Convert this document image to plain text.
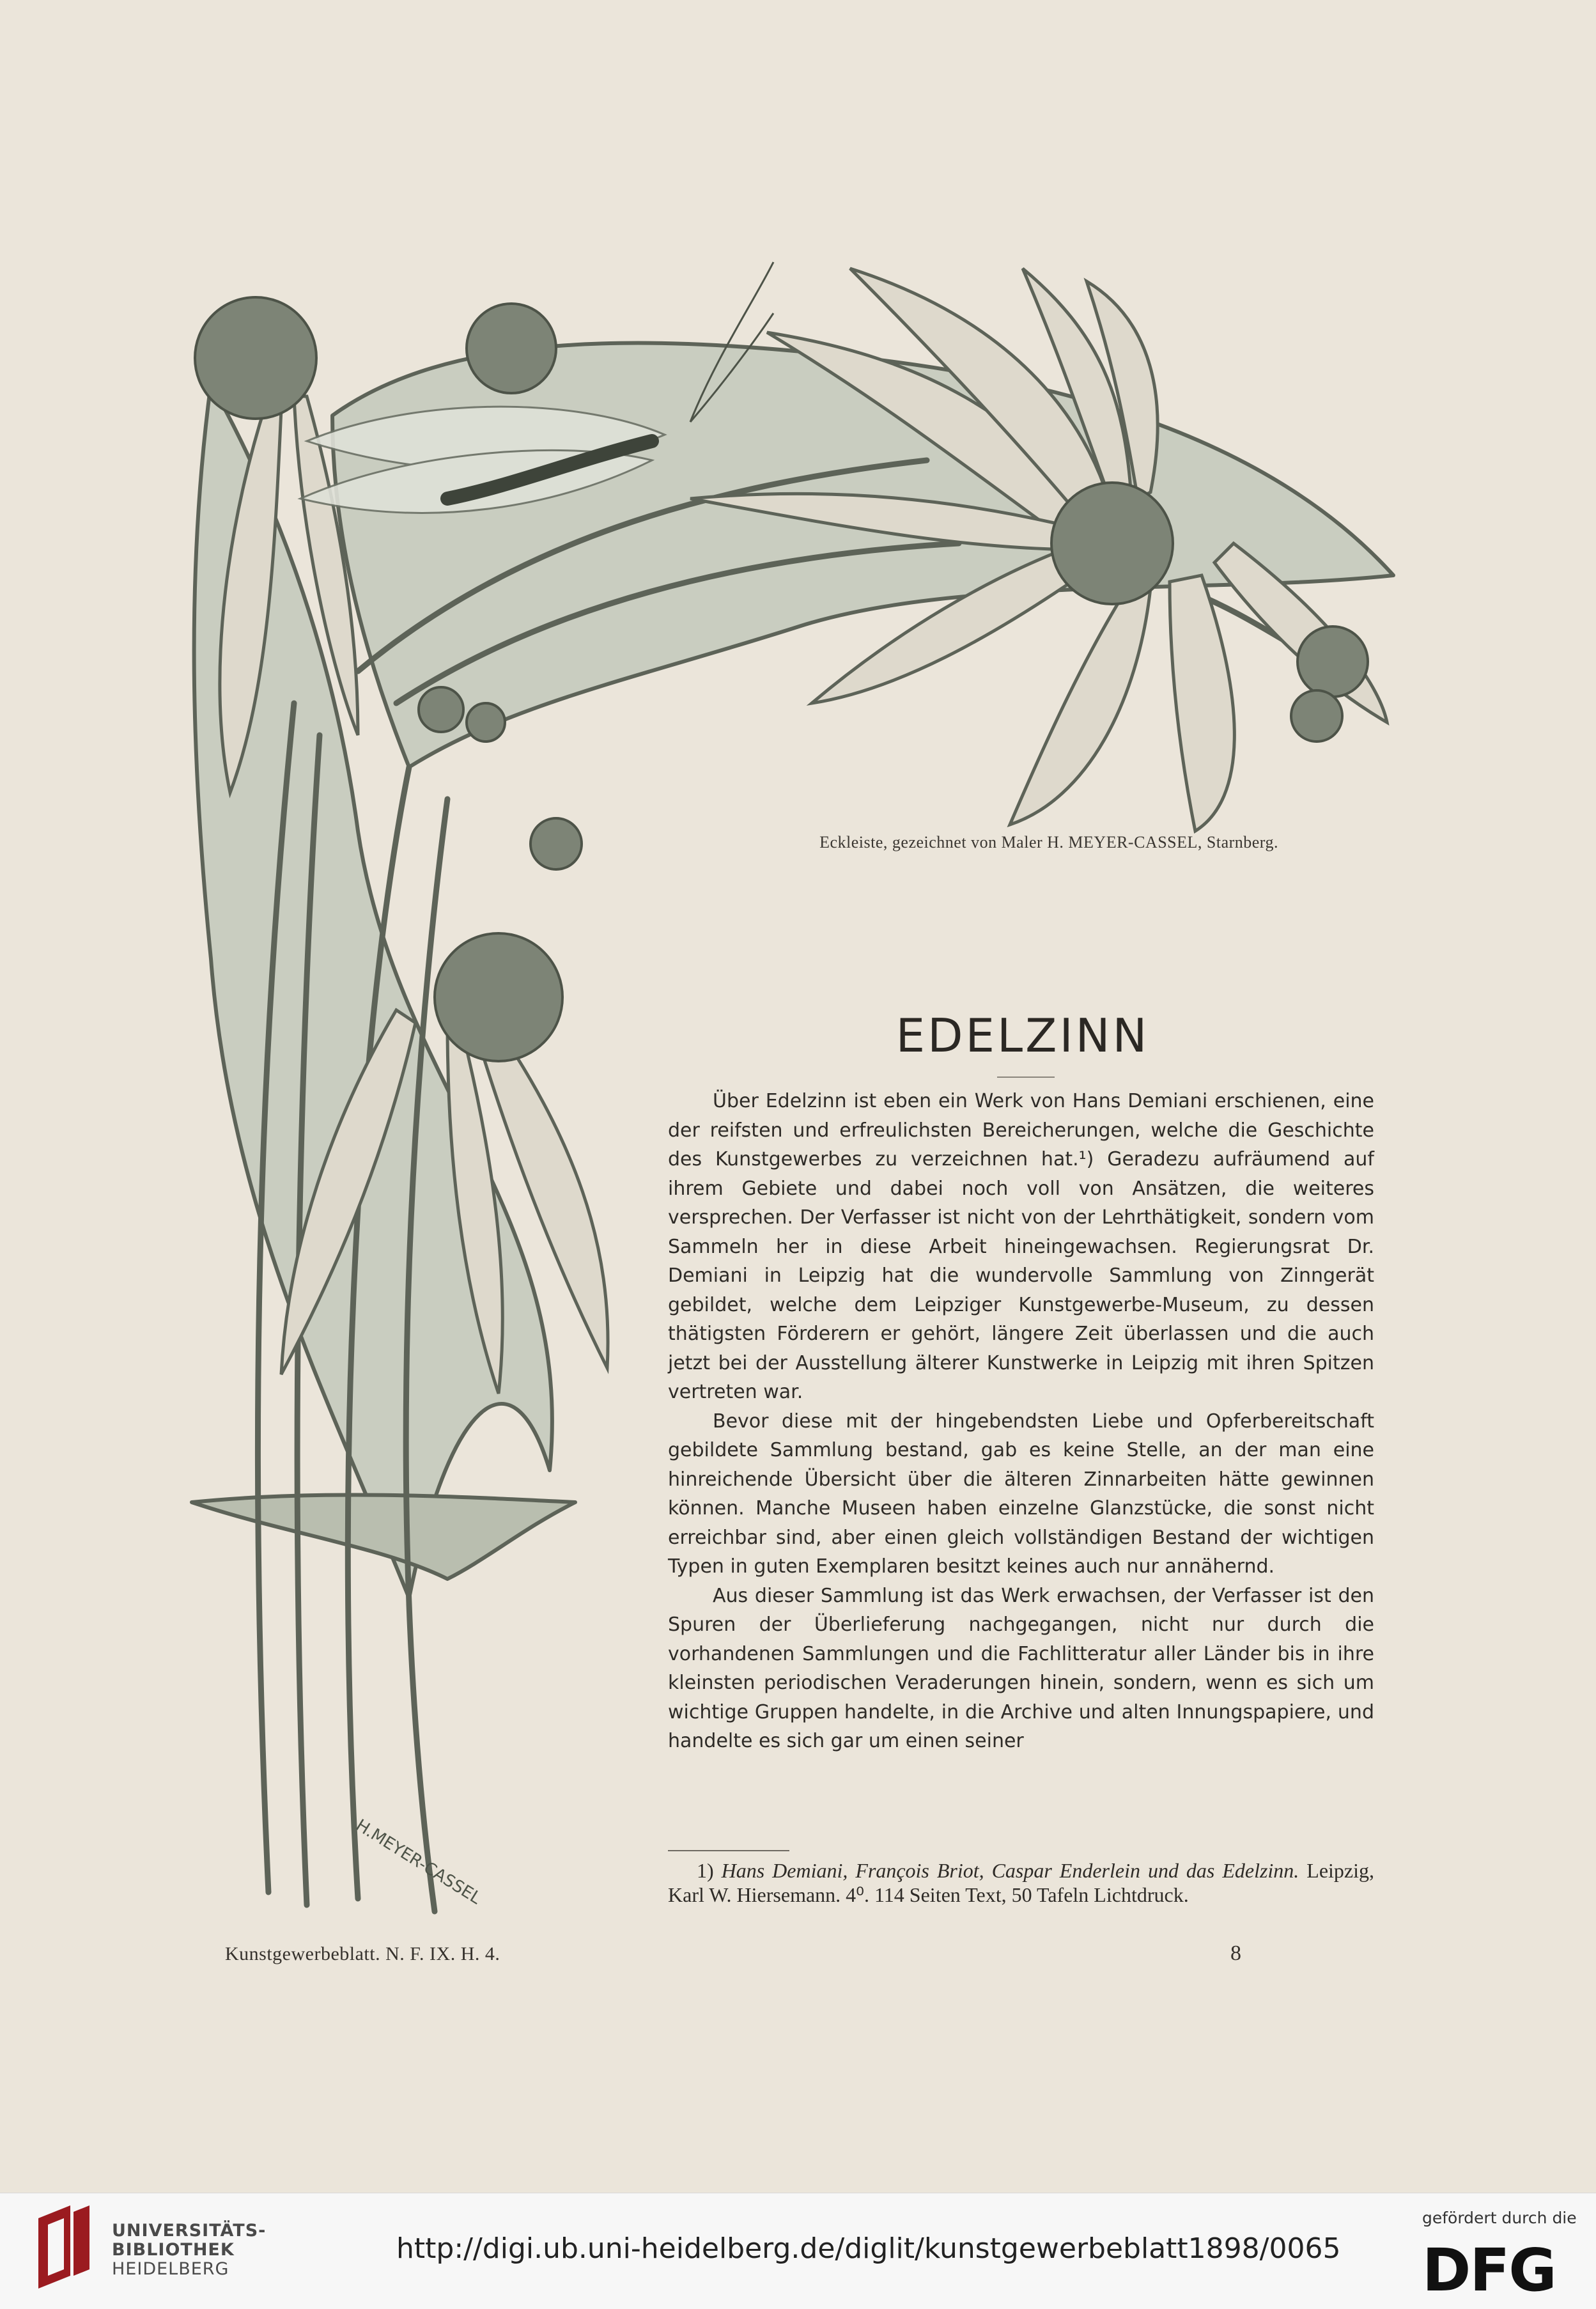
H.MEYER-CASSEL
Eckleiste, gezeichnet von Maler H. MEYER-CASSEL, Starnberg.
EDELZINN

Über Edelzinn ist eben ein Werk von Hans Demiani erschienen, eine der reifsten und erfreulichsten Bereicherungen, welche die Geschichte des Kunstgewerbes zu verzeichnen hat.¹) Geradezu aufräumend auf ihrem Gebiete und dabei noch voll von Ansätzen, die weiteres versprechen. Der Verfasser ist nicht von der Lehrthätigkeit, sondern vom Sammeln her in diese Arbeit hineingewachsen. Regierungsrat Dr. Demiani in Leipzig hat die wundervolle Sammlung von Zinngerät gebildet, welche dem Leipziger Kunstgewerbe-Museum, zu dessen thätigsten Förderern er gehört, längere Zeit überlassen und die auch jetzt bei der Ausstellung älterer Kunstwerke in Leipzig mit ihren Spitzen vertreten war.

Bevor diese mit der hingebendsten Liebe und Opferbereitschaft gebildete Sammlung bestand, gab es keine Stelle, an der man eine hinreichende Übersicht über die älteren Zinnarbeiten hätte gewinnen können. Manche Museen haben einzelne Glanzstücke, die sonst nicht erreichbar sind, aber einen gleich vollständigen Bestand der wichtigen Typen in guten Exemplaren besitzt keines auch nur annähernd.

Aus dieser Sammlung ist das Werk erwachsen, der Verfasser ist den Spuren der Überlieferung nachgegangen, nicht nur durch die vorhandenen Sammlungen und die Fachlitteratur aller Länder bis in ihre kleinsten periodischen Veraderungen hinein, sondern, wenn es sich um wichtige Gruppen handelte, in die Archive und alten Innungspapiere, und handelte es sich gar um einen seiner

1) Hans Demiani, François Briot, Caspar Enderlein und das Edelzinn. Leipzig, Karl W. Hiersemann. 4⁰. 114 Seiten Text, 50 Tafeln Lichtdruck.

Kunstgewerbeblatt. N. F. IX. H. 4.	8
UNIVERSITÄTS-
BIBLIOTHEK
HEIDELBERG
http://digi.ub.uni-heidelberg.de/diglit/kunstgewerbeblatt1898/0065
gefördert durch die
DFG
